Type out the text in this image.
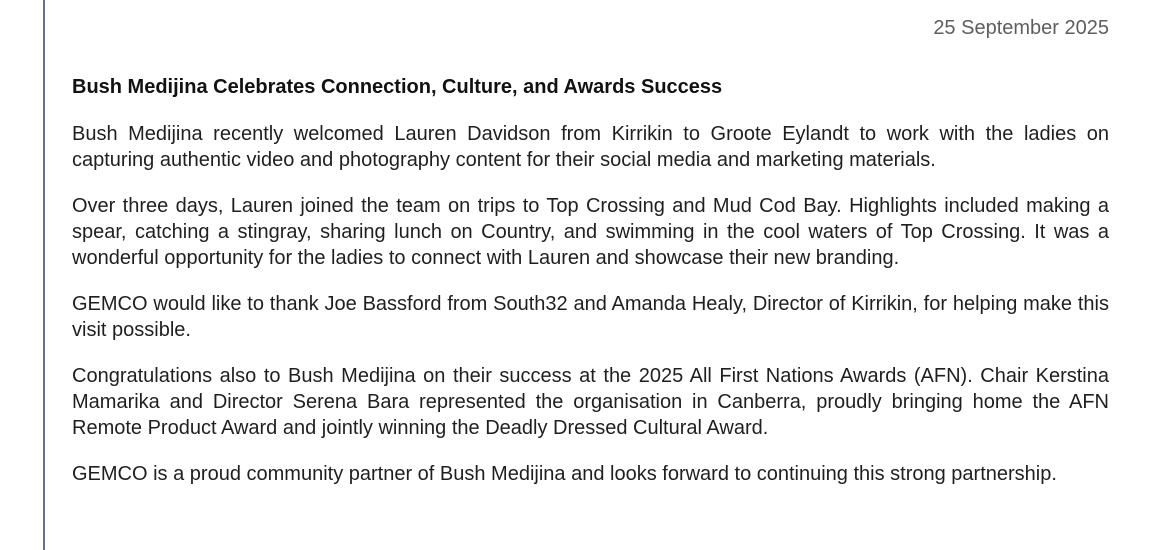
25 September 2025
Bush Medijina Celebrates Connection, Culture, and Awards Success

Bush Medijina recently welcomed Lauren Davidson from Kirrikin to Groote Eylandt to work with the ladies on capturing authentic video and photography content for their social media and marketing materials.

Over three days, Lauren joined the team on trips to Top Crossing and Mud Cod Bay. Highlights included making a spear, catching a stingray, sharing lunch on Country, and swimming in the cool waters of Top Crossing. It was a wonderful opportunity for the ladies to connect with Lauren and showcase their new branding.

GEMCO would like to thank Joe Bassford from South32 and Amanda Healy, Director of Kirrikin, for helping make this visit possible.

Congratulations also to Bush Medijina on their success at the 2025 All First Nations Awards (AFN). Chair Kerstina Mamarika and Director Serena Bara represented the organisation in Canberra, proudly bringing home the AFN Remote Product Award and jointly winning the Deadly Dressed Cultural Award.

GEMCO is a proud community partner of Bush Medijina and looks forward to continuing this strong partnership.
